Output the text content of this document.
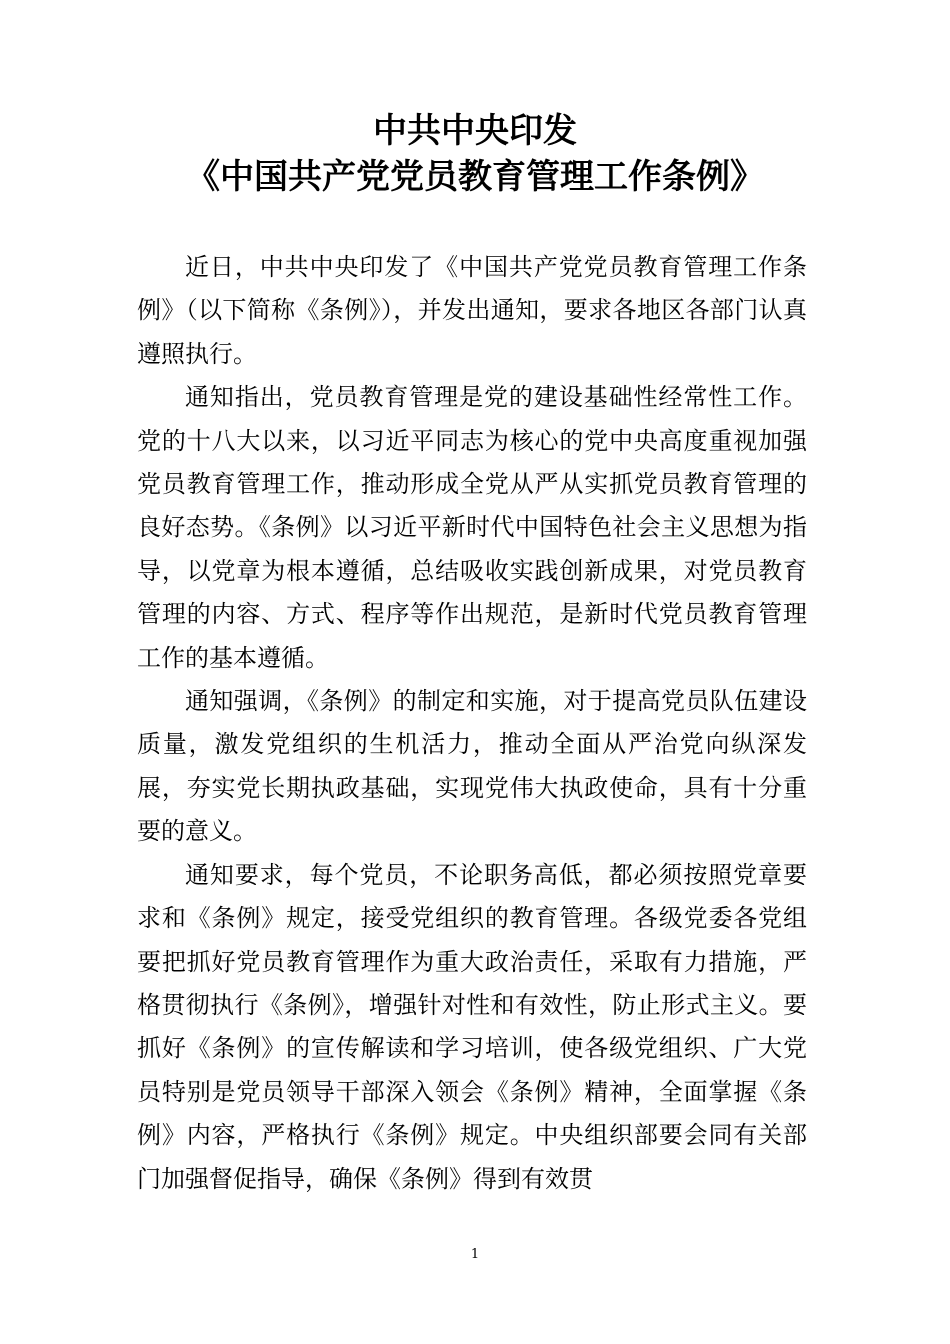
中共中央印发
《中国共产党党员教育管理工作条例》

近日，中共中央印发了《中国共产党党员教育管理工作条例》（以下简称《条例》），并发出通知，要求各地区各部门认真遵照执行。

通知指出，党员教育管理是党的建设基础性经常性工作。党的十八大以来，以习近平同志为核心的党中央高度重视加强党员教育管理工作，推动形成全党从严从实抓党员教育管理的良好态势。《条例》以习近平新时代中国特色社会主义思想为指导，以党章为根本遵循，总结吸收实践创新成果，对党员教育管理的内容、方式、程序等作出规范，是新时代党员教育管理工作的基本遵循。

通知强调，《条例》的制定和实施，对于提高党员队伍建设质量，激发党组织的生机活力，推动全面从严治党向纵深发展，夯实党长期执政基础，实现党伟大执政使命，具有十分重要的意义。

通知要求，每个党员，不论职务高低，都必须按照党章要求和《条例》规定，接受党组织的教育管理。各级党委各党组要把抓好党员教育管理作为重大政治责任，采取有力措施，严格贯彻执行《条例》，增强针对性和有效性，防止形式主义。要抓好《条例》的宣传解读和学习培训，使各级党组织、广大党员特别是党员领导干部深入领会《条例》精神，全面掌握《条例》内容，严格执行《条例》规定。中央组织部要会同有关部门加强督促指导，确保《条例》得到有效贯

1
